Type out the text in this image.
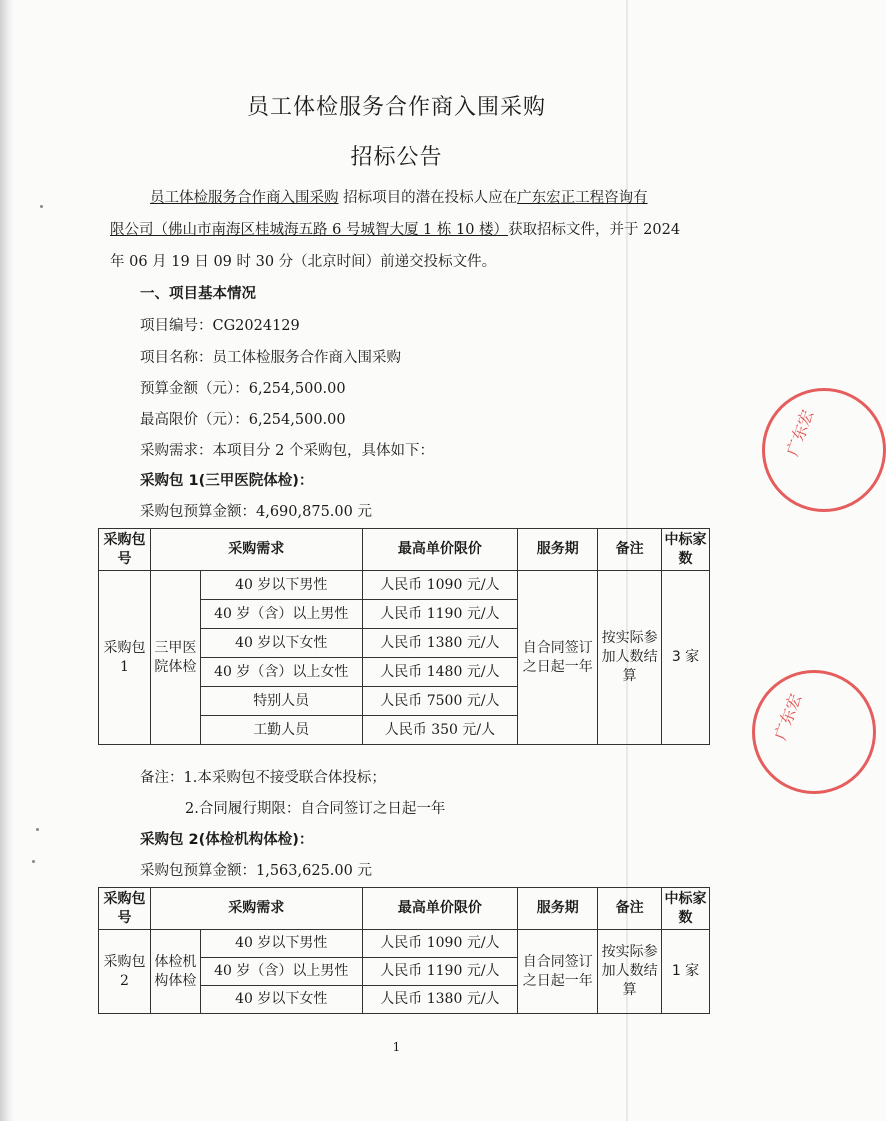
员工体检服务合作商入围采购
招标公告
员工体检服务合作商入围采购 招标项目的潜在投标人应在广东宏正工程咨询有
限公司（佛山市南海区桂城海五路 6 号城智大厦 1 栋 10 楼）获取招标文件，并于 2024
年 06 月 19 日 09 时 30 分（北京时间）前递交投标文件。
一、项目基本情况
项目编号：CG2024129
项目名称：员工体检服务合作商入围采购
预算金额（元）：6,254,500.00
最高限价（元）：6,254,500.00
采购需求：本项目分 2 个采购包，具体如下：
采购包 1(三甲医院体检)：
采购包预算金额：4,690,875.00 元
采购包号	采购需求		最高单价限价	服务期	备注	中标家数
采购包 1	三甲医院体检	40 岁以下男性	人民币 1090 元/人	自合同签订之日起一年	按实际参加人数结算	3 家
		40 岁（含）以上男性	人民币 1190 元/人			
		40 岁以下女性	人民币 1380 元/人			
		40 岁（含）以上女性	人民币 1480 元/人			
		特别人员	人民币 7500 元/人			
		工勤人员	人民币 350 元/人			
备注：1.本采购包不接受联合体投标；
2.合同履行期限：自合同签订之日起一年
采购包 2(体检机构体检)：
采购包预算金额：1,563,625.00 元
采购包号	采购需求		最高单价限价	服务期	备注	中标家数
采购包 2	体检机构体检	40 岁以下男性	人民币 1090 元/人	自合同签订之日起一年	按实际参加人数结算	1 家
		40 岁（含）以上男性	人民币 1190 元/人			
		40 岁以下女性	人民币 1380 元/人			
1
广东宏
广东宏
